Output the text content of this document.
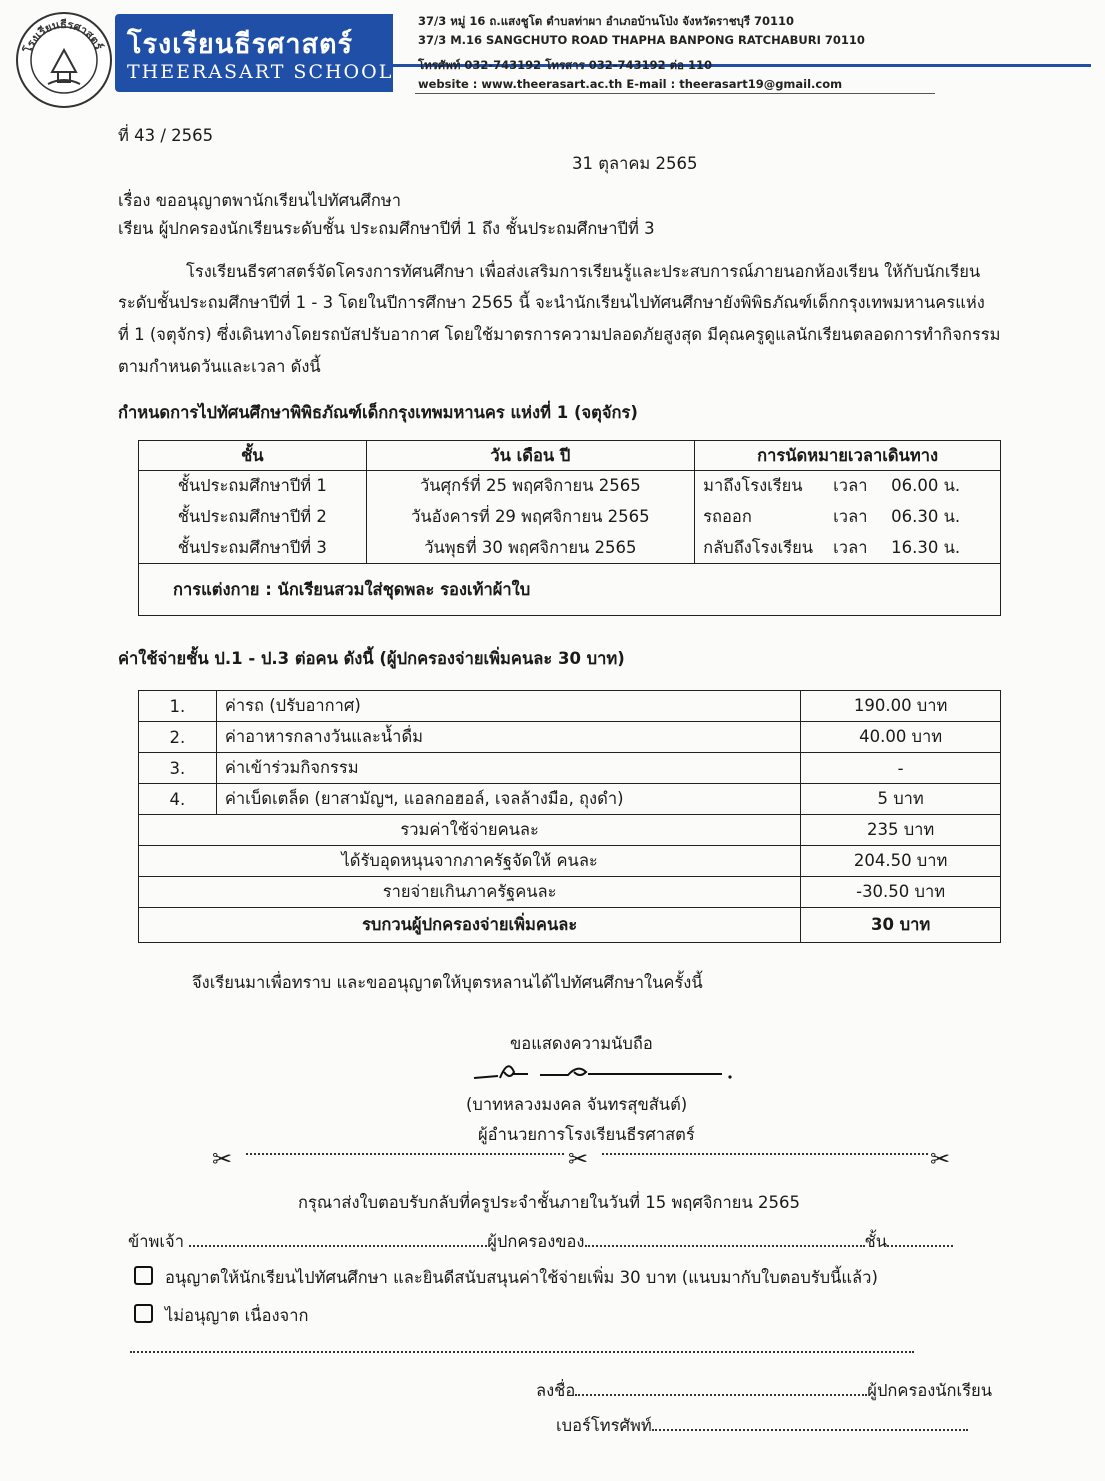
โรงเรียนธีรศาสตร์ โรงเรียนธีรศาสตร์
THEERASART SCHOOL
37/3 หมู่ 16 ถ.แสงชูโต ตำบลท่าผา อำเภอบ้านโป่ง จังหวัดราชบุรี 70110
37/3 M.16 SANGCHUTO ROAD THAPHA BANPONG RATCHABURI 70110
โทรศัพท์ 032-743192 โทรสาร 032-743192 ต่อ 110
website : www.theerasart.ac.th E-mail : theerasart19@gmail.com
ที่ 43 / 2565
31 ตุลาคม 2565
เรื่อง ขออนุญาตพานักเรียนไปทัศนศึกษา
เรียน ผู้ปกครองนักเรียนระดับชั้น ประถมศึกษาปีที่ 1 ถึง ชั้นประถมศึกษาปีที่ 3
โรงเรียนธีรศาสตร์จัดโครงการทัศนศึกษา เพื่อส่งเสริมการเรียนรู้และประสบการณ์ภายนอกห้องเรียน ให้กับนักเรียน
ระดับชั้นประถมศึกษาปีที่ 1 - 3 โดยในปีการศึกษา 2565 นี้ จะนำนักเรียนไปทัศนศึกษายังพิพิธภัณฑ์เด็กกรุงเทพมหานครแห่ง
ที่ 1 (จตุจักร) ซึ่งเดินทางโดยรถบัสปรับอากาศ โดยใช้มาตรการความปลอดภัยสูงสุด มีคุณครูดูแลนักเรียนตลอดการทำกิจกรรม
ตามกำหนดวันและเวลา ดังนี้
กำหนดการไปทัศนศึกษาพิพิธภัณฑ์เด็กกรุงเทพมหานคร แห่งที่ 1 (จตุจักร)
ชั้น	วัน เดือน ปี	การนัดหมายเวลาเดินทาง
ชั้นประถมศึกษาปีที่ 1	วันศุกร์ที่ 25 พฤศจิกายน 2565	มาถึงโรงเรียน เวลา 06.00 น.
ชั้นประถมศึกษาปีที่ 2	วันอังคารที่ 29 พฤศจิกายน 2565	รถออก เวลา 06.30 น.
ชั้นประถมศึกษาปีที่ 3	วันพุธที่ 30 พฤศจิกายน 2565	กลับถึงโรงเรียน เวลา 16.30 น.
การแต่งกาย : นักเรียนสวมใส่ชุดพละ รองเท้าผ้าใบ		
ค่าใช้จ่ายชั้น ป.1 - ป.3 ต่อคน ดังนี้ (ผู้ปกครองจ่ายเพิ่มคนละ 30 บาท)
1.	ค่ารถ (ปรับอากาศ)	190.00 บาท
2.	ค่าอาหารกลางวันและน้ำดื่ม	40.00 บาท
3.	ค่าเข้าร่วมกิจกรรม	-
4.	ค่าเบ็ดเตล็ด (ยาสามัญฯ, แอลกอฮอล์, เจลล้างมือ, ถุงดำ)	5 บาท
รวมค่าใช้จ่ายคนละ		235 บาท
ได้รับอุดหนุนจากภาครัฐจัดให้ คนละ		204.50 บาท
รายจ่ายเกินภาครัฐคนละ		-30.50 บาท
รบกวนผู้ปกครองจ่ายเพิ่มคนละ		30 บาท
จึงเรียนมาเพื่อทราบ และขออนุญาตให้บุตรหลานได้ไปทัศนศึกษาในครั้งนี้
ขอแสดงความนับถือ
(บาทหลวงมงคล จันทรสุขสันต์)
ผู้อำนวยการโรงเรียนธีรศาสตร์
✂	✂	✂
กรุณาส่งใบตอบรับกลับที่ครูประจำชั้นภายในวันที่ 15 พฤศจิกายน 2565
ข้าพเจ้า	ผู้ปกครองของ	ชั้น
อนุญาตให้นักเรียนไปทัศนศึกษา และยินดีสนับสนุนค่าใช้จ่ายเพิ่ม 30 บาท (แนบมากับใบตอบรับนี้แล้ว)
ไม่อนุญาต เนื่องจาก
ลงชื่อ	ผู้ปกครองนักเรียน
เบอร์โทรศัพท์
